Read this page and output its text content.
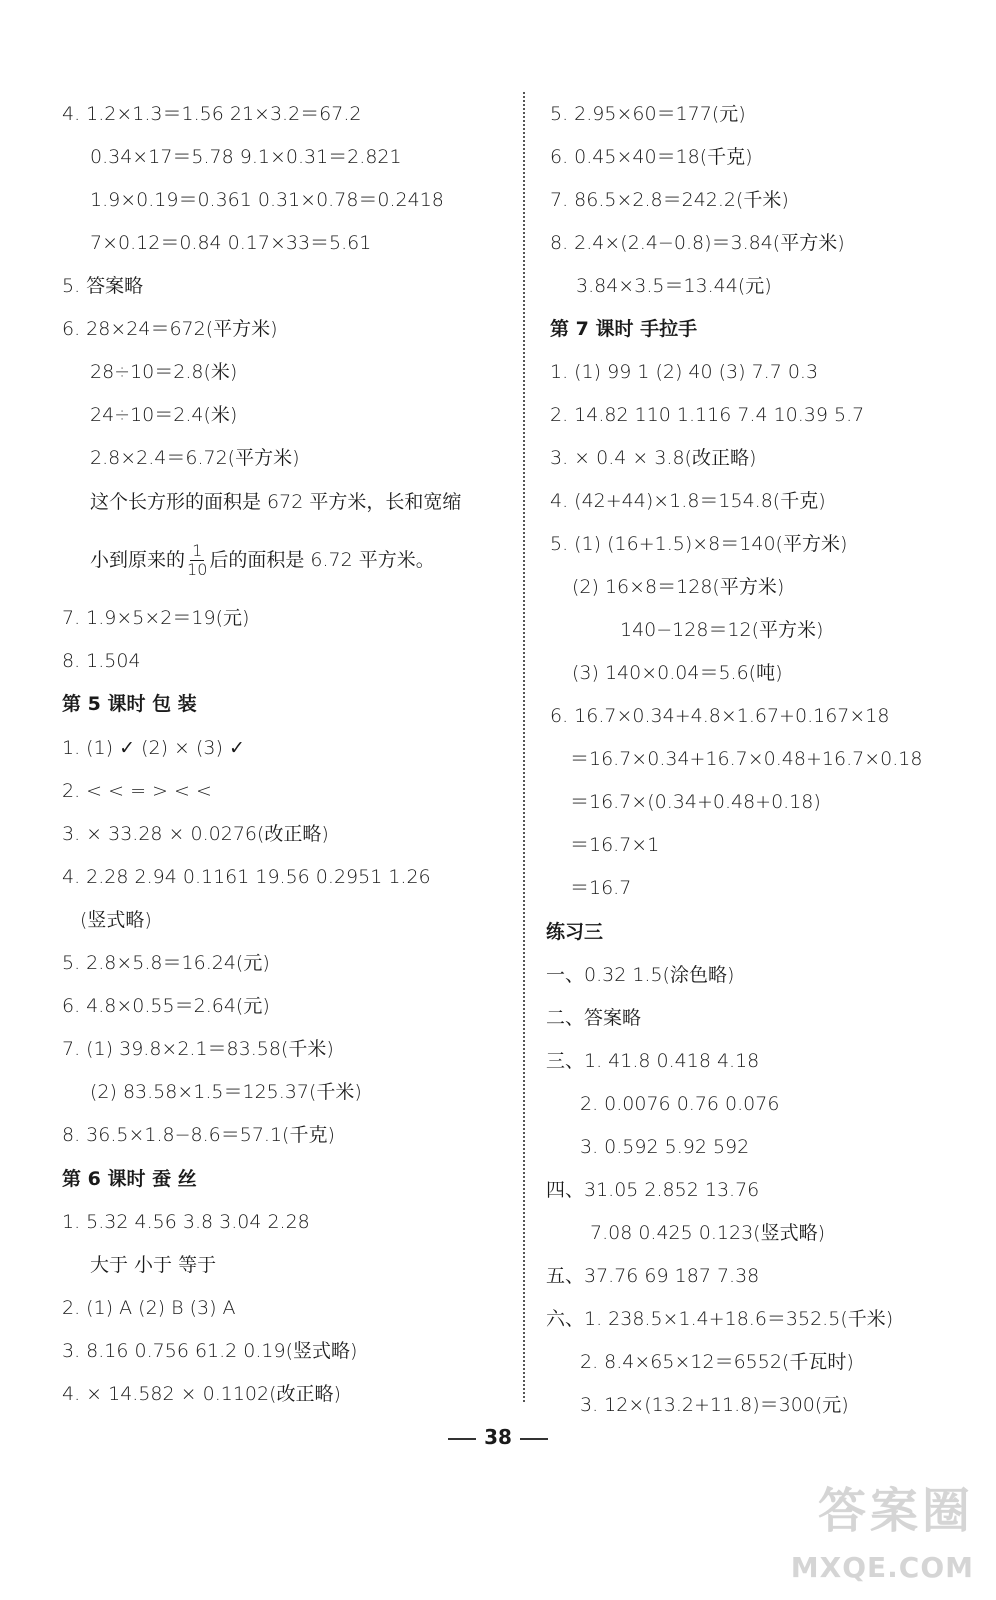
4. 1.2×1.3＝1.56 21×3.2＝67.2
0.34×17＝5.78 9.1×0.31＝2.821
1.9×0.19＝0.361 0.31×0.78＝0.2418
7×0.12＝0.84 0.17×33＝5.61
5. 答案略
6. 28×24＝672(平方米)
28÷10＝2.8(米)
24÷10＝2.4(米)
2.8×2.4＝6.72(平方米)
这个长方形的面积是 672 平方米，长和宽缩
小到原来的 $\frac{1}{10}$ 后的面积是 6.72 平方米。
7. 1.9×5×2＝19(元)
8. 1.504
第 5 课时 包 装
1. (1) ✓ (2) × (3) ✓
2. < < = > < <
3. × 33.28 × 0.0276(改正略)
4. 2.28 2.94 0.1161 19.56 0.2951 1.26
(竖式略)
5. 2.8×5.8＝16.24(元)
6. 4.8×0.55＝2.64(元)
7. (1) 39.8×2.1＝83.58(千米)
(2) 83.58×1.5＝125.37(千米)
8. 36.5×1.8−8.6＝57.1(千克)
第 6 课时 蚕 丝
1. 5.32 4.56 3.8 3.04 2.28
大于 小于 等于
2. (1) A (2) B (3) A
3. 8.16 0.756 61.2 0.19(竖式略)
4. × 14.582 × 0.1102(改正略)
5. 2.95×60＝177(元)
6. 0.45×40＝18(千克)
7. 86.5×2.8＝242.2(千米)
8. 2.4×(2.4−0.8)＝3.84(平方米)
3.84×3.5＝13.44(元)
第 7 课时 手拉手
1. (1) 99 1 (2) 40 (3) 7.7 0.3
2. 14.82 110 1.116 7.4 10.39 5.7
3. × 0.4 × 3.8(改正略)
4. (42+44)×1.8＝154.8(千克)
5. (1) (16+1.5)×8＝140(平方米)
(2) 16×8＝128(平方米)
140−128＝12(平方米)
(3) 140×0.04＝5.6(吨)
6. 16.7×0.34+4.8×1.67+0.167×18
＝16.7×0.34+16.7×0.48+16.7×0.18
＝16.7×(0.34+0.48+0.18)
＝16.7×1
＝16.7
练习三
一、0.32 1.5(涂色略)
二、答案略
三、1. 41.8 0.418 4.18
2. 0.0076 0.76 0.076
3. 0.592 5.92 592
四、31.05 2.852 13.76
7.08 0.425 0.123(竖式略)
五、37.76 69 187 7.38
六、1. 238.5×1.4+18.6＝352.5(千米)
2. 8.4×65×12＝6552(千瓦时)
3. 12×(13.2+11.8)＝300(元)
38
答案圈
MXQE.COM
